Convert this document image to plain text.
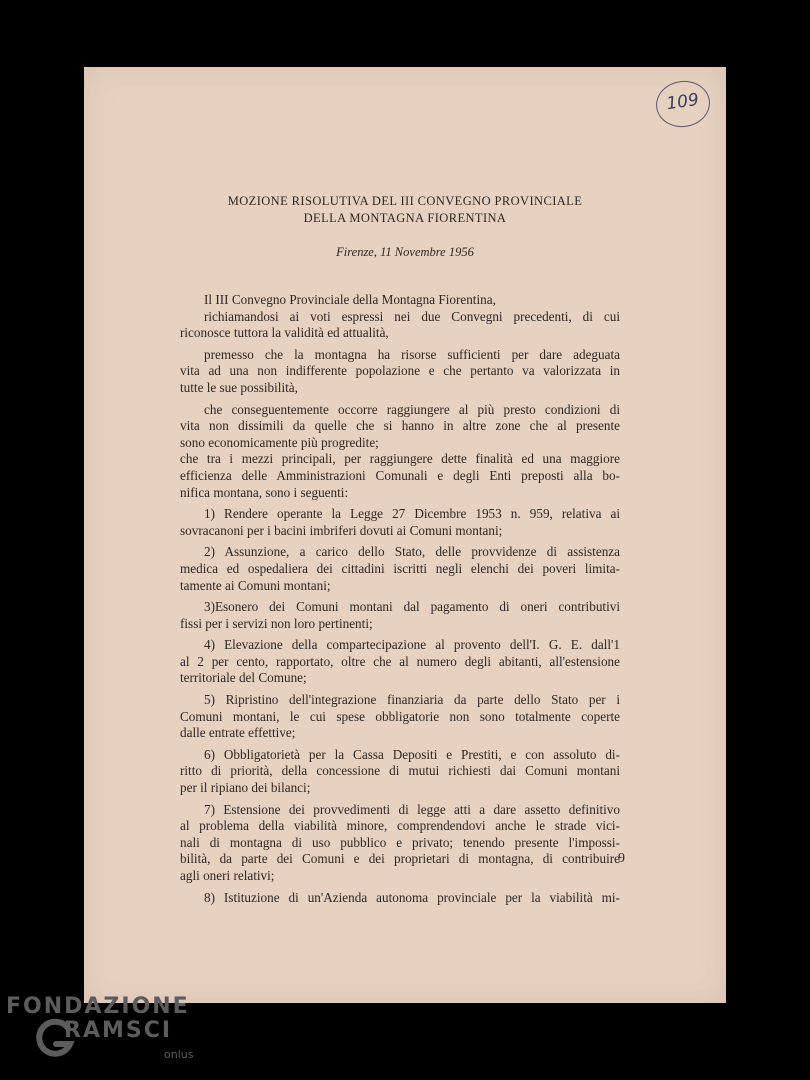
109
MOZIONE RISOLUTIVA DEL III CONVEGNO PROVINCIALE
DELLA MONTAGNA FIORENTINA
Firenze, 11 Novembre 1956
Il III Convegno Provinciale della Montagna Fiorentina,
richiamandosi ai voti espressi nei due Convegni precedenti, di cui
riconosce tuttora la validità ed attualità,
premesso che la montagna ha risorse sufficienti per dare adeguata
vita ad una non indifferente popolazione e che pertanto va valorizzata in
tutte le sue possibilità,
che conseguentemente occorre raggiungere al più presto condizioni di
vita non dissimili da quelle che si hanno in altre zone che al presente
sono economicamente più progredite;
che tra i mezzi principali, per raggiungere dette finalità ed una maggiore
efficienza delle Amministrazioni Comunali e degli Enti preposti alla bo-
nifica montana, sono i seguenti:
1) Rendere operante la Legge 27 Dicembre 1953 n. 959, relativa ai
sovracanoni per i bacini imbriferi dovuti ai Comuni montani;
2) Assunzione, a carico dello Stato, delle provvidenze di assistenza
medica ed ospedaliera dei cittadini iscritti negli elenchi dei poveri limita-
tamente ai Comuni montani;
3)Esonero dei Comuni montani dal pagamento di oneri contributivi
fissi per i servizi non loro pertinenti;
4) Elevazione della compartecipazione al provento dell'I. G. E. dall'1
al 2 per cento, rapportato, oltre che al numero degli abitanti, all'estensione
territoriale del Comune;
5) Ripristino dell'integrazione finanziaria da parte dello Stato per i
Comuni montani, le cui spese obbligatorie non sono totalmente coperte
dalle entrate effettive;
6) Obbligatorietà per la Cassa Depositi e Prestiti, e con assoluto di-
ritto di priorità, della concessione di mutui richiesti dai Comuni montani
per il ripiano dei bilanci;
7) Estensione dei provvedimenti di legge atti a dare assetto definitivo
al problema della viabilità minore, comprendendovi anche le strade vici-
nali di montagna di uso pubblico e privato; tenendo presente l'impossi-
bilità, da parte dei Comuni e dei proprietari di montagna, di contribuire
agli oneri relativi;
8) Istituzione di un'Azienda autonoma provinciale per la viabilità mi-
9
FONDAZIONE
RAMSCI
onlus
